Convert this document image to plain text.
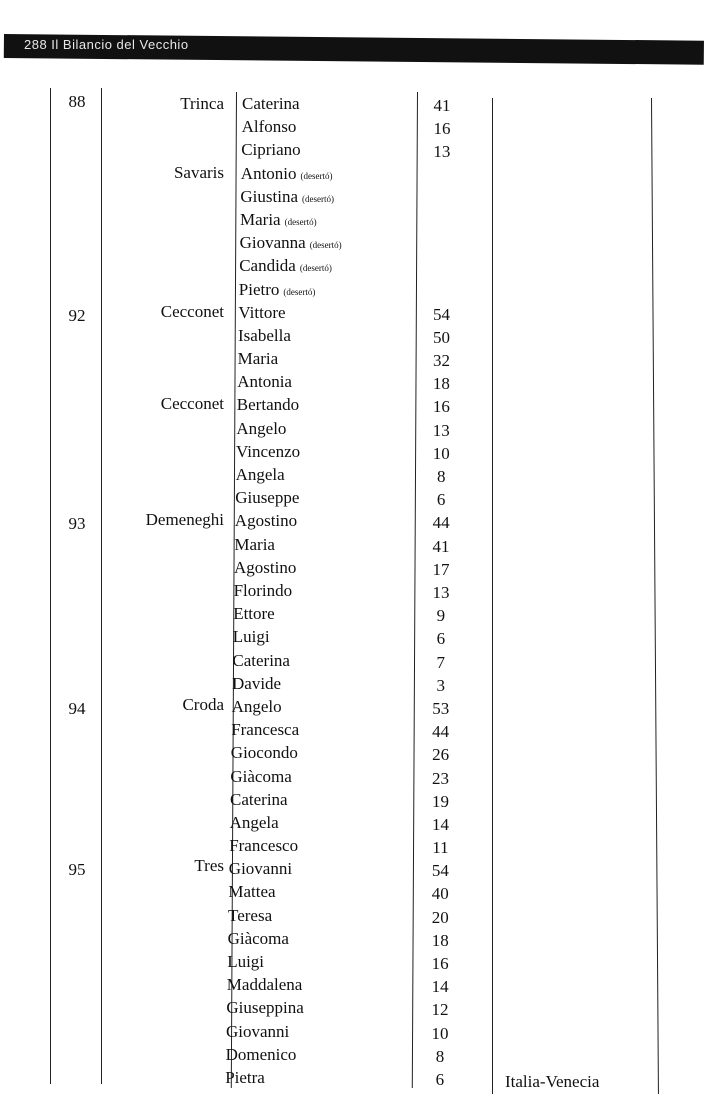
288 Il Bilancio del Vecchio
88	Trinca Caterina	41
Alfonso	16
Cipriano	13
Savaris Antonio (desertó)
Giustina (desertó)
Maria (desertó)
Giovanna (desertó)
Candida (desertó)
Pietro (desertó)
92	Cecconet Vittore	54
Isabella	50
Maria	32
Antonia	18
Cecconet Bertando	16
Angelo	13
Vincenzo	10
Angela	8
Giuseppe	6
93	Demeneghi Agostino	44
Maria	41
Agostino	17
Florindo	13
Ettore	9
Luigi	6
Caterina	7
Davide	3
94	Croda Angelo	53
Francesca	44
Giocondo	26
Giàcoma	23
Caterina	19
Angela	14
Francesco	11
95	Tres Giovanni	54
Mattea	40
Teresa	20
Giàcoma	18
Luigi	16
Maddalena	14
Giuseppina	12
Giovanni	10
Domenico	8
Pietra	6	Italia-Venecia
